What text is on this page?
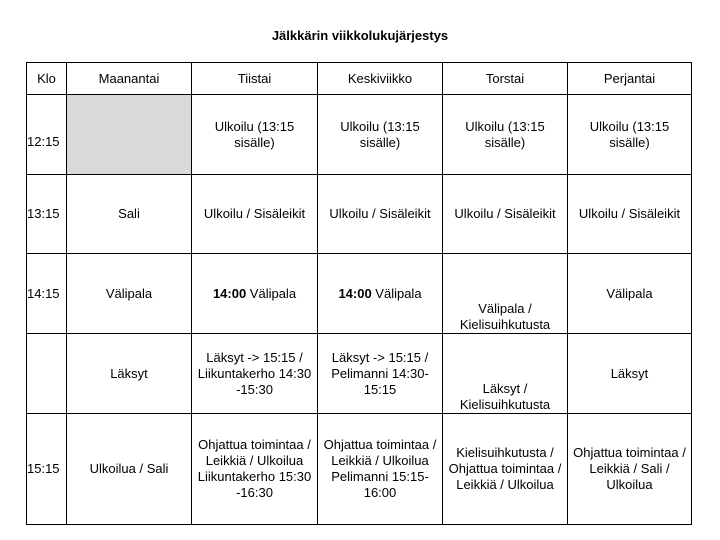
Jälkkärin viikkolukujärjestys
Klo	Maanantai	Tiistai	Keskiviikko	Torstai	Perjantai

12:15		Ulkoilu (13:15
sisälle)	Ulkoilu (13:15
sisälle)	Ulkoilu (13:15
sisälle)	Ulkoilu (13:15
sisälle)

13:15	Sali	Ulkoilu / Sisäleikit	Ulkoilu / Sisäleikit	Ulkoilu / Sisäleikit	Ulkoilu / Sisäleikit

14:15	Välipala	14:00 Välipala	14:00 Välipala	Välipala /
Kielisuihkutusta	Välipala

	Läksyt	Läksyt -> 15:15 /
Liikuntakerho 14:30
-15:30	Läksyt -> 15:15 /
Pelimanni 14:30-
15:15	Läksyt /
Kielisuihkutusta	Läksyt

15:15	Ulkoilua / Sali	Ohjattua toimintaa /
Leikkiä / Ulkoilua
Liikuntakerho 15:30
-16:30	Ohjattua toimintaa /
Leikkiä / Ulkoilua
Pelimanni 15:15-
16:00	Kielisuihkutusta /
Ohjattua toimintaa /
Leikkiä / Ulkoilua	Ohjattua toimintaa /
Leikkiä / Sali /
Ulkoilua
